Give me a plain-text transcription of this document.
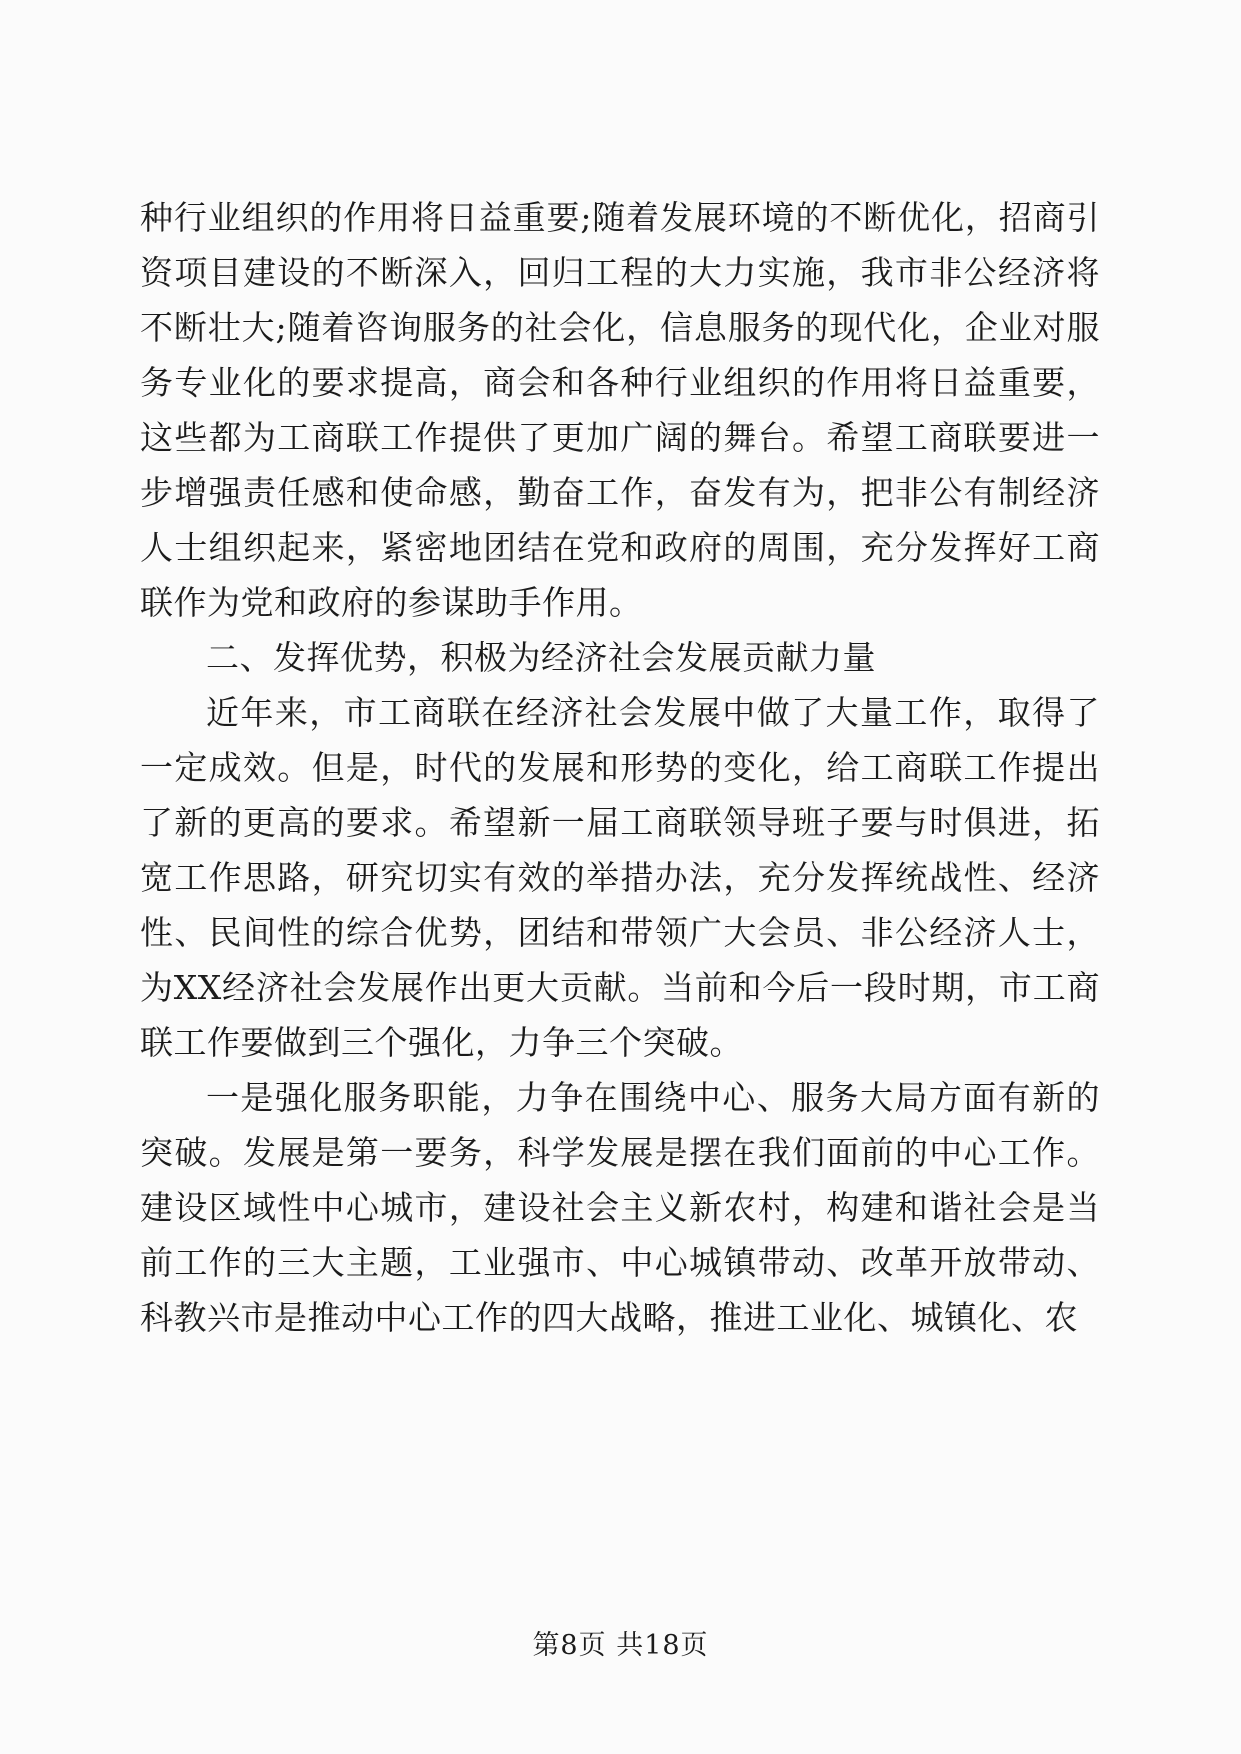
种行业组织的作用将日益重要;随着发展环境的不断优化，招商引资项目建设的不断深入，回归工程的大力实施，我市非公经济将不断壮大;随着咨询服务的社会化，信息服务的现代化，企业对服务专业化的要求提高，商会和各种行业组织的作用将日益重要，这些都为工商联工作提供了更加广阔的舞台。希望工商联要进一步增强责任感和使命感，勤奋工作，奋发有为，把非公有制经济人士组织起来，紧密地团结在党和政府的周围，充分发挥好工商联作为党和政府的参谋助手作用。

二、发挥优势，积极为经济社会发展贡献力量

近年来，市工商联在经济社会发展中做了大量工作，取得了一定成效。但是，时代的发展和形势的变化，给工商联工作提出了新的更高的要求。希望新一届工商联领导班子要与时俱进，拓宽工作思路，研究切实有效的举措办法，充分发挥统战性、经济性、民间性的综合优势，团结和带领广大会员、非公经济人士，为XX经济社会发展作出更大贡献。当前和今后一段时期，市工商联工作要做到三个强化，力争三个突破。

一是强化服务职能，力争在围绕中心、服务大局方面有新的突破。发展是第一要务，科学发展是摆在我们面前的中心工作。建设区域性中心城市，建设社会主义新农村，构建和谐社会是当前工作的三大主题，工业强市、中心城镇带动、改革开放带动、科教兴市是推动中心工作的四大战略，推进工业化、城镇化、农

第8页 共18页
